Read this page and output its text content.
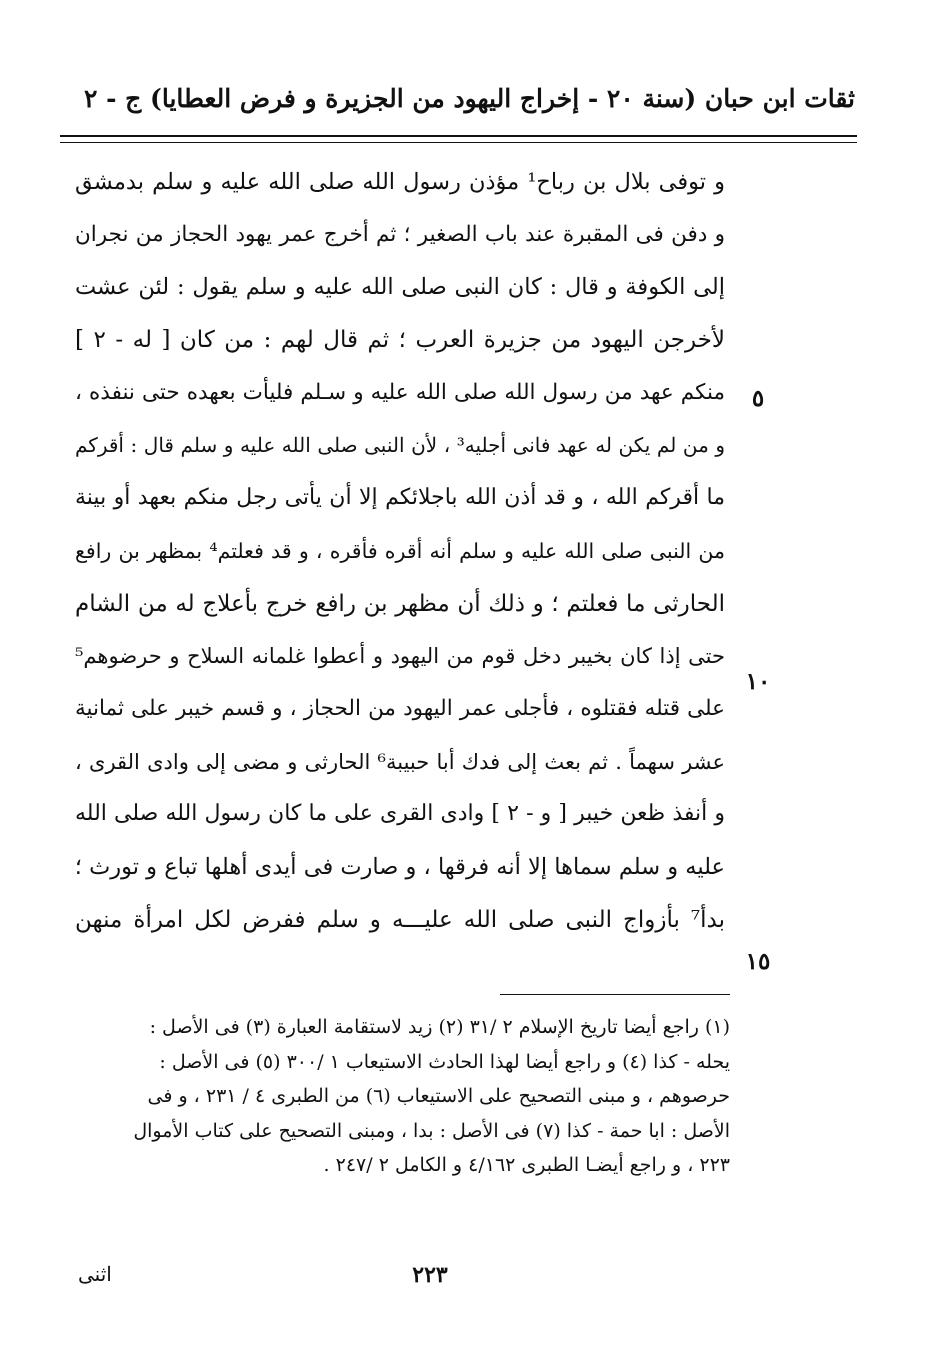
ثقات ابن حبان (سنة ٢٠ - إخراج اليهود من الجزيرة و فرض العطايا) ج - ٢
و توفى بلال بن رباح¹ مؤذن رسول الله صلى الله عليه و سلم بدمشق
و دفن فى المقبرة عند باب الصغير ؛ ثم أخرج عمر يهود الحجاز من نجران
إلى الكوفة و قال : كان النبى صلى الله عليه و سلم يقول : لئن عشت
لأخرجن اليهود من جزيرة العرب ؛ ثم قال لهم : من كان [ له - ٢ ]
منكم عهد من رسول الله صلى الله عليه و سـلم فليأت بعهده حتى ننفذه ،
و من لم يكن له عهد فانى أجليه³ ، لأن النبى صلى الله عليه و سلم قال : أقركم
ما أقركم الله ، و قد أذن الله باجلائكم إلا أن يأتى رجل منكم بعهد أو بينة
من النبى صلى الله عليه و سلم أنه أقره فأقره ، و قد فعلتم⁴ بمظهر بن رافع
الحارثى ما فعلتم ؛ و ذلك أن مظهر بن رافع خرج بأعلاج له من الشام
حتى إذا كان بخيبر دخل قوم من اليهود و أعطوا غلمانه السلاح و حرضوهم⁵
على قتله فقتلوه ، فأجلى عمر اليهود من الحجاز ، و قسم خيبر على ثمانية
عشر سهماً . ثم بعث إلى فدك أبا حبيبة⁶ الحارثى و مضى إلى وادى القرى ،
و أنفذ ظعن خيبر [ و - ٢ ] وادى القرى على ما كان رسول الله صلى الله
عليه و سلم سماها إلا أنه فرقها ، و صارت فى أيدى أهلها تباع و تورث ؛
بدأ⁷ بأزواج النبى صلى الله عليـــه و سلم ففرض لكل امرأة منهن
٥
١٠
١٥
(١) راجع أيضا تاريخ الإسلام ٢ /٣١ (٢) زيد لاستقامة العبارة (٣) فى الأصل :
يحله - كذا (٤) و راجع أيضا لهذا الحادث الاستيعاب ١ /٣٠٠ (٥) فى الأصل :
حرصوهم ، و مبنى التصحيح على الاستيعاب (٦) من الطبرى ٤ / ٢٣١ ، و فى
الأصل : ابا حمة - كذا (٧) فى الأصل : بدا ، ومبنى التصحيح على كتاب الأموال
٢٢٣ ، و راجع أيضـا الطبرى ٤/١٦٢ و الكامل ٢ /٢٤٧ .
٢٢٣
اثنى
